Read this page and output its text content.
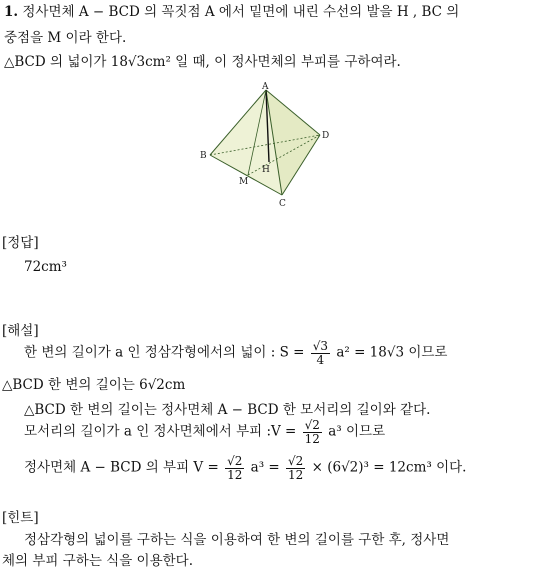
1. 정사면체 A − BCD 의 꼭짓점 A 에서 밑면에 내린 수선의 발을 H , BC 의
중점을 M 이라 한다.
△BCD 의 넓이가 18√3cm² 일 때, 이 정사면체의 부피를 구하여라.
A
B
C
D
M
H
[정답]
72cm³
[해설]
한 변의 길이가 a 인 정삼각형에서의 넓이 : $S = \frac{√3}{4} a^2 = 18√3$ 이므로
△BCD 한 변의 길이는 6√2cm
△BCD 한 변의 길이는 정사면체 A − BCD 한 모서리의 길이와 같다.
모서리의 길이가 a 인 정사면체에서 부피 :V = $\frac{√2}{12} a^3$ 이므로
정사면체 A − BCD 의 부피 $V = \frac{√2}{12} a^3 = \frac{√2}{12} \times (6√2)^3 = 12cm^3$ 이다.
[힌트]
정삼각형의 넓이를 구하는 식을 이용하여 한 변의 길이를 구한 후, 정사면
체의 부피 구하는 식을 이용한다.
